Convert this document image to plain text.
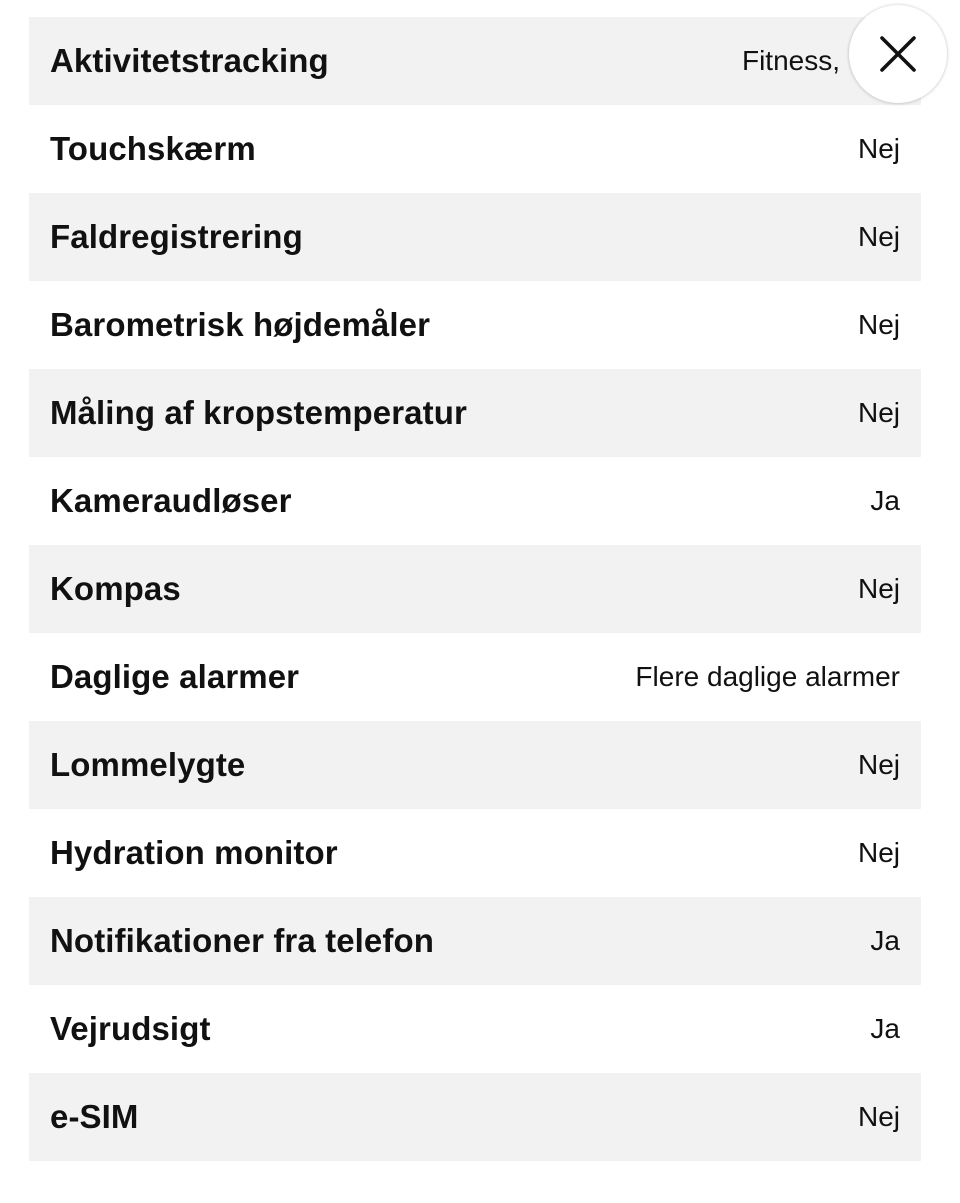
Aktivitetstracking	Fitness,
Touchskærm	Nej
Faldregistrering	Nej
Barometrisk højdemåler	Nej
Måling af kropstemperatur	Nej
Kameraudløser	Ja
Kompas	Nej
Daglige alarmer	Flere daglige alarmer
Lommelygte	Nej
Hydration monitor	Nej
Notifikationer fra telefon	Ja
Vejrudsigt	Ja
e-SIM	Nej
